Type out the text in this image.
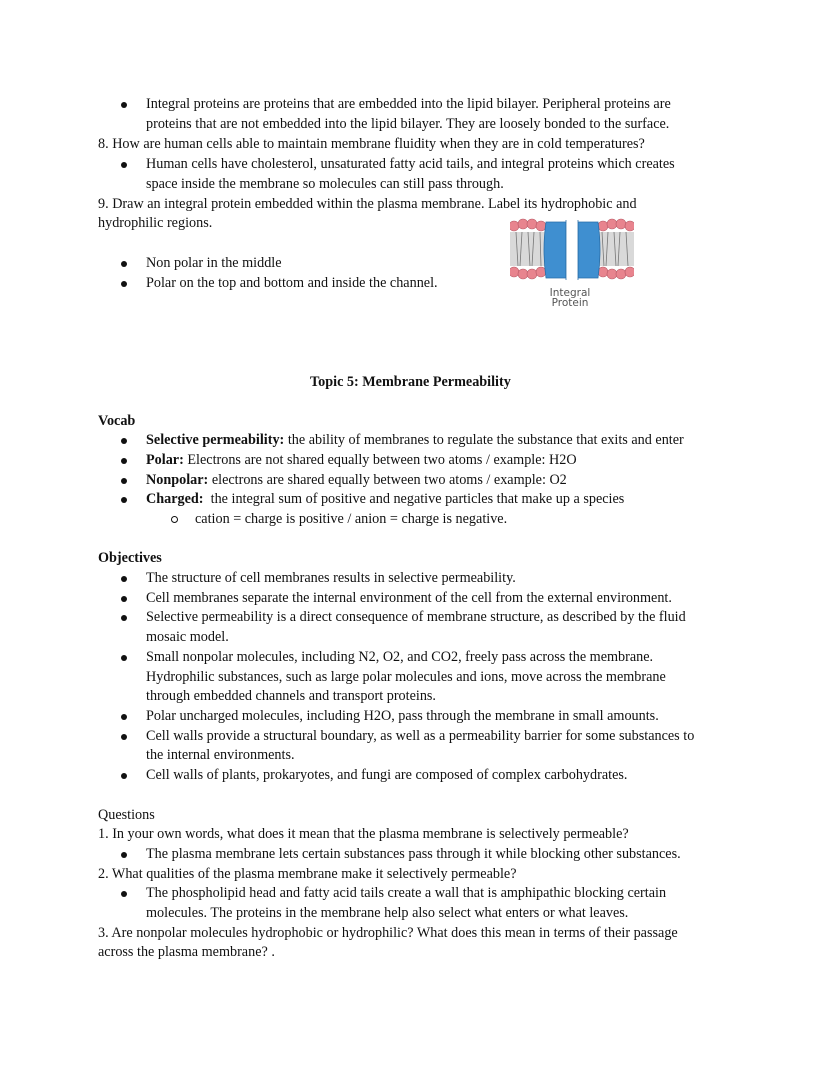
Integral proteins are proteins that are embedded into the lipid bilayer. Peripheral proteins are
proteins that are not embedded into the lipid bilayer. They are loosely bonded to the surface.
8. How are human cells able to maintain membrane fluidity when they are in cold temperatures?
Human cells have cholesterol, unsaturated fatty acid tails, and integral proteins which creates
space inside the membrane so molecules can still pass through.
9. Draw an integral protein embedded within the plasma membrane. Label its hydrophobic and
hydrophilic regions.
Non polar in the middle
Polar on the top and bottom and inside the channel.
Integral
Protein
Topic 5: Membrane Permeability
Vocab
Selective permeability: the ability of membranes to regulate the substance that exits and enter
Polar: Electrons are not shared equally between two atoms / example: H2O
Nonpolar: electrons are shared equally between two atoms / example: O2
Charged:  the integral sum of positive and negative particles that make up a species
cation = charge is positive / anion = charge is negative.
Objectives
The structure of cell membranes results in selective permeability.
Cell membranes separate the internal environment of the cell from the external environment.
Selective permeability is a direct consequence of membrane structure, as described by the fluid
mosaic model.
Small nonpolar molecules, including N2, O2, and CO2, freely pass across the membrane.
Hydrophilic substances, such as large polar molecules and ions, move across the membrane
through embedded channels and transport proteins.
Polar uncharged molecules, including H2O, pass through the membrane in small amounts.
Cell walls provide a structural boundary, as well as a permeability barrier for some substances to
the internal environments.
Cell walls of plants, prokaryotes, and fungi are composed of complex carbohydrates.
Questions
1. In your own words, what does it mean that the plasma membrane is selectively permeable?
The plasma membrane lets certain substances pass through it while blocking other substances.
2. What qualities of the plasma membrane make it selectively permeable?
The phospholipid head and fatty acid tails create a wall that is amphipathic blocking certain
molecules. The proteins in the membrane help also select what enters or what leaves.
3. Are nonpolar molecules hydrophobic or hydrophilic? What does this mean in terms of their passage
across the plasma membrane? .
